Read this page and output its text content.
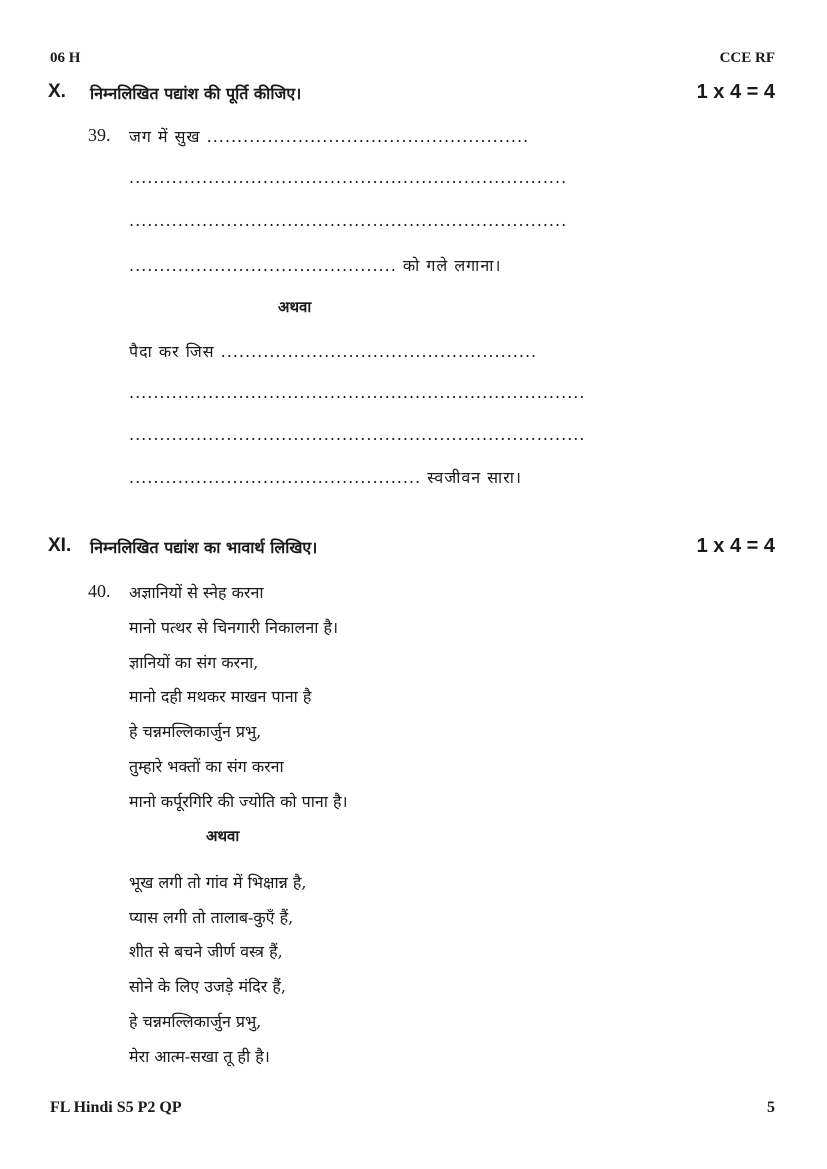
06 H	CCE RF
X. निम्नलिखित पद्यांश की पूर्ति कीजिए।	1 x 4 = 4
39. जग में सुख .....................................................
........................................................................
........................................................................
............................................ को गले लगाना।
अथवा
पैदा कर जिस ....................................................
...........................................................................
...........................................................................
................................................ स्वजीवन सारा।
XI. निम्नलिखित पद्यांश का भावार्थ लिखिए।	1 x 4 = 4
40. अज्ञानियों से स्नेह करना
मानो पत्थर से चिनगारी निकालना है।
ज्ञानियों का संग करना,
मानो दही मथकर माखन पाना है
हे चन्नमल्लिकार्जुन प्रभु,
तुम्हारे भक्तों का संग करना
मानो कर्पूरगिरि की ज्योति को पाना है।
अथवा
भूख लगी तो गांव में भिक्षान्न है,
प्यास लगी तो तालाब-कुएँ हैं,
शीत से बचने जीर्ण वस्त्र हैं,
सोने के लिए उजड़े मंदिर हैं,
हे चन्नमल्लिकार्जुन प्रभु,
मेरा आत्म-सखा तू ही है।
FL Hindi S5 P2 QP	5
